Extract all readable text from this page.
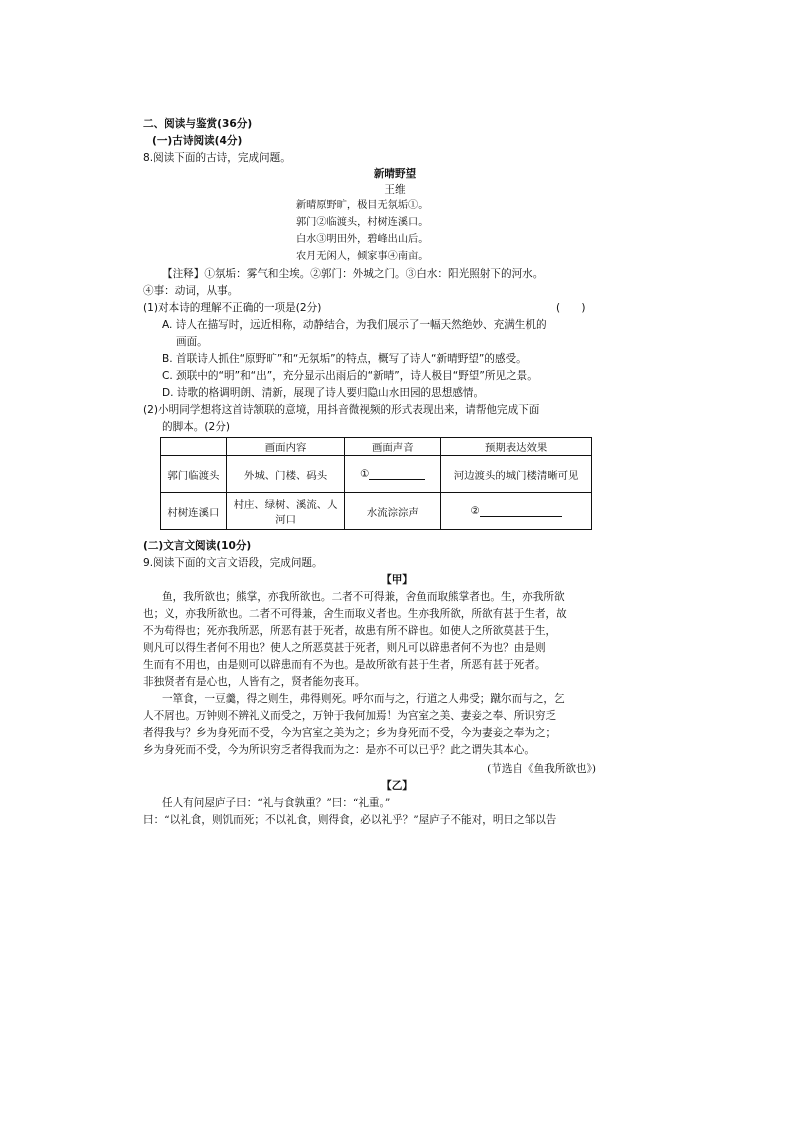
二、阅读与鉴赏(36分)
(一)古诗阅读(4分)
8.阅读下面的古诗，完成问题。
新晴野望
王维
新晴原野旷，极目无氛垢①。
郭门②临渡头，村树连溪口。
白水③明田外，碧峰出山后。
农月无闲人，倾家事④南亩。
【注释】①氛垢：雾气和尘埃。②郭门：外城之门。③白水：阳光照射下的河水。
④事：动词，从事。
(1)对本诗的理解不正确的一项是(2分)	(　　)
A. 诗人在描写时，远近相称，动静结合，为我们展示了一幅天然绝妙、充满生机的
画面。
B. 首联诗人抓住“原野旷”和“无氛垢”的特点，概写了诗人“新晴野望”的感受。
C. 颈联中的“明”和“出”，充分显示出雨后的“新晴”，诗人极目“野望”所见之景。
D. 诗歌的格调明朗、清新，展现了诗人要归隐山水田园的思想感情。
(2)小明同学想将这首诗颔联的意境，用抖音微视频的形式表现出来，请帮他完成下面
的脚本。(2分)
	画面内容	画面声音	预期表达效果
郭门临渡头	外城、门楼、码头	①	河边渡头的城门楼清晰可见
村树连溪口	村庄、绿树、溪流、人河口	水流淙淙声	②
(二)文言文阅读(10分)
9.阅读下面的文言文语段，完成问题。
【甲】
鱼，我所欲也；熊掌，亦我所欲也。二者不可得兼，舍鱼而取熊掌者也。生，亦我所欲
也；义，亦我所欲也。二者不可得兼，舍生而取义者也。生亦我所欲，所欲有甚于生者，故
不为苟得也；死亦我所恶，所恶有甚于死者，故患有所不辟也。如使人之所欲莫甚于生，
则凡可以得生者何不用也？使人之所恶莫甚于死者，则凡可以辟患者何不为也？由是则
生而有不用也，由是则可以辟患而有不为也。是故所欲有甚于生者，所恶有甚于死者。
非独贤者有是心也，人皆有之，贤者能勿丧耳。
一箪食，一豆羹，得之则生，弗得则死。呼尔而与之，行道之人弗受；蹴尔而与之，乞
人不屑也。万钟则不辨礼义而受之，万钟于我何加焉！为宫室之美、妻妾之奉、所识穷乏
者得我与？乡为身死而不受，今为宫室之美为之；乡为身死而不受，今为妻妾之奉为之；
乡为身死而不受，今为所识穷乏者得我而为之：是亦不可以已乎？此之谓失其本心。
(节选自《鱼我所欲也》)
【乙】
任人有问屋庐子曰：“礼与食孰重？”曰：“礼重。”
曰：“以礼食，则饥而死；不以礼食，则得食，必以礼乎？”屋庐子不能对，明日之邹以告
